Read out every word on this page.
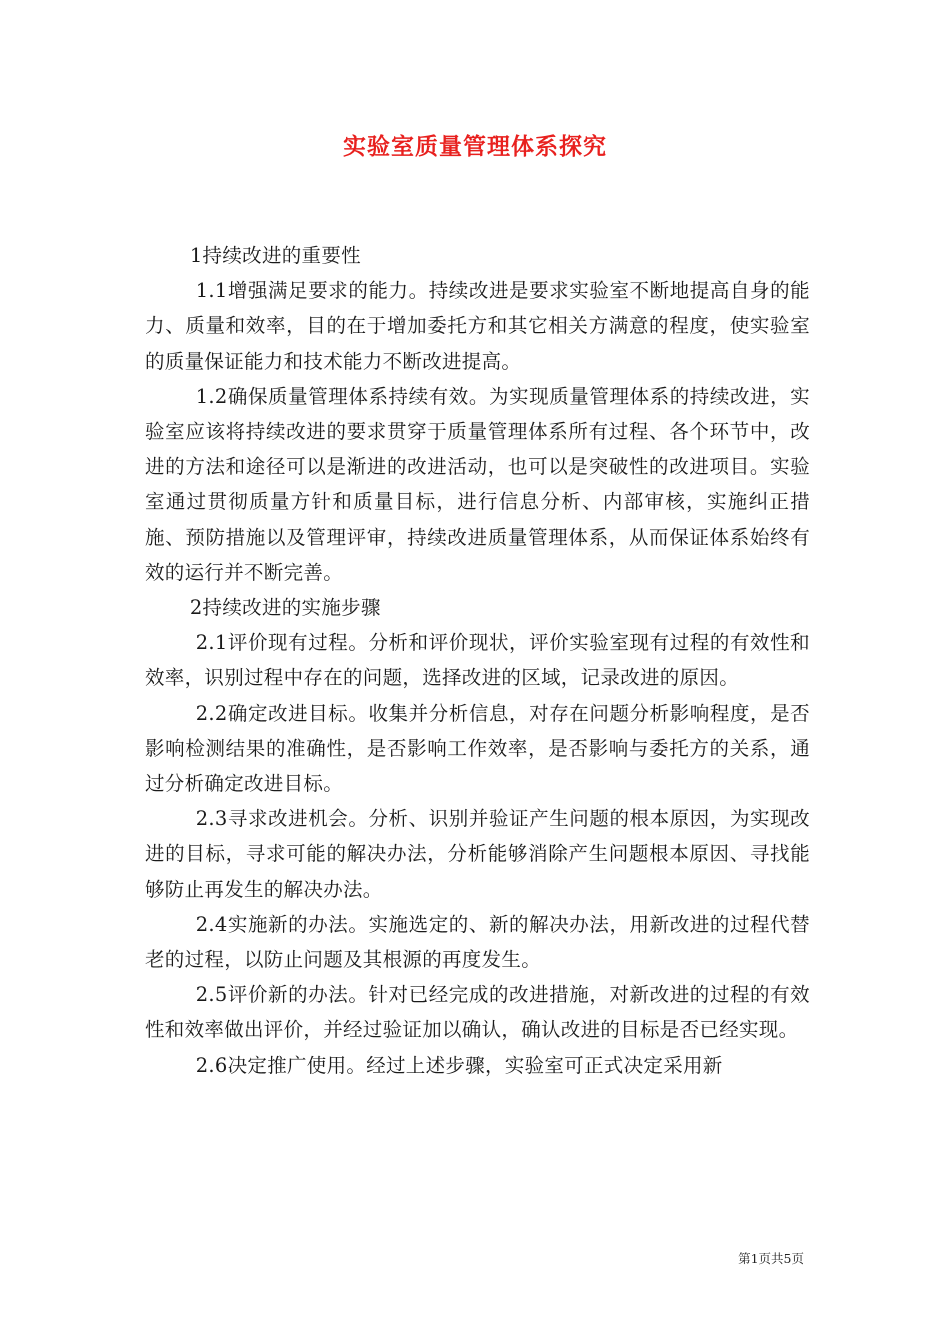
实验室质量管理体系探究

1持续改进的重要性

1.1增强满足要求的能力。持续改进是要求实验室不断地提高自身的能力、质量和效率，目的在于增加委托方和其它相关方满意的程度，使实验室的质量保证能力和技术能力不断改进提高。

1.2确保质量管理体系持续有效。为实现质量管理体系的持续改进，实验室应该将持续改进的要求贯穿于质量管理体系所有过程、各个环节中，改进的方法和途径可以是渐进的改进活动，也可以是突破性的改进项目。实验室通过贯彻质量方针和质量目标，进行信息分析、内部审核，实施纠正措施、预防措施以及管理评审，持续改进质量管理体系，从而保证体系始终有效的运行并不断完善。

2持续改进的实施步骤

2.1评价现有过程。分析和评价现状，评价实验室现有过程的有效性和效率，识别过程中存在的问题，选择改进的区域，记录改进的原因。

2.2确定改进目标。收集并分析信息，对存在问题分析影响程度，是否影响检测结果的准确性，是否影响工作效率，是否影响与委托方的关系，通过分析确定改进目标。

2.3寻求改进机会。分析、识别并验证产生问题的根本原因，为实现改进的目标，寻求可能的解决办法，分析能够消除产生问题根本原因、寻找能够防止再发生的解决办法。

2.4实施新的办法。实施选定的、新的解决办法，用新改进的过程代替老的过程，以防止问题及其根源的再度发生。

2.5评价新的办法。针对已经完成的改进措施，对新改进的过程的有效性和效率做出评价，并经过验证加以确认，确认改进的目标是否已经实现。

2.6决定推广使用。经过上述步骤，实验室可正式决定采用新

第1页共5页
